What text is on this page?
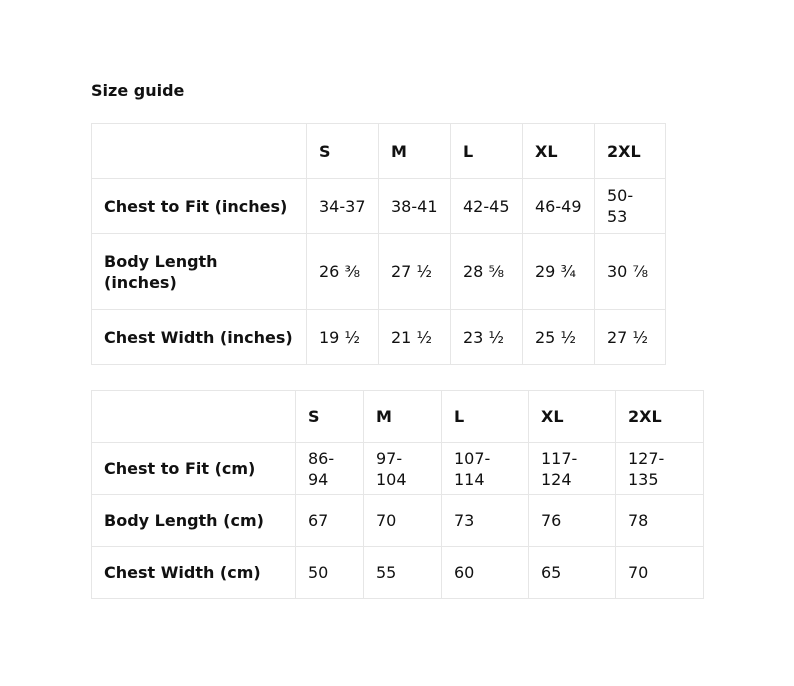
Size guide
	S	M	L	XL	2XL
Chest to Fit (inches)	34-37	38-41	42-45	46-49	50-53
Body Length (inches)	26 ⅜	27 ½	28 ⅝	29 ¾	30 ⅞
Chest Width (inches)	19 ½	21 ½	23 ½	25 ½	27 ½
	S	M	L	XL	2XL
Chest to Fit (cm)	86-94	97-104	107-114	117-124	127-135
Body Length (cm)	67	70	73	76	78
Chest Width (cm)	50	55	60	65	70
